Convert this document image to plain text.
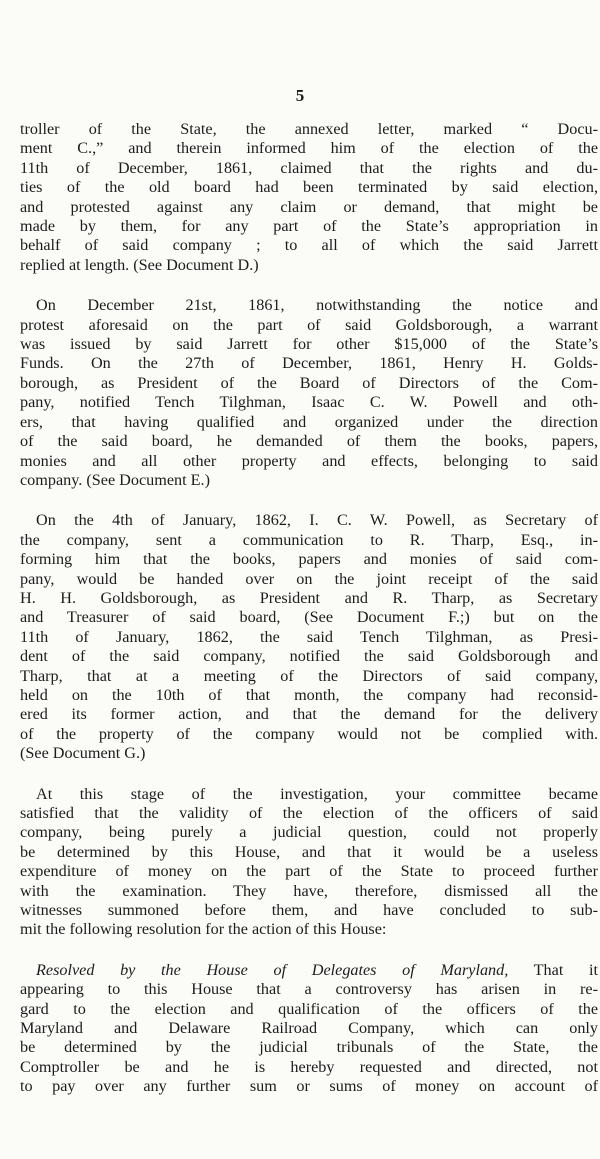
5
troller of the State, the annexed letter, marked “ Docu-
ment C.,” and therein informed him of the election of the
11th of December, 1861, claimed that the rights and du-
ties of the old board had been terminated by said election,
and protested against any claim or demand, that might be
made by them, for any part of the State’s appropriation in
behalf of said company ; to all of which the said Jarrett
replied at length. (See Document D.)
On December 21st, 1861, notwithstanding the notice and
protest aforesaid on the part of said Goldsborough, a warrant
was issued by said Jarrett for other $15,000 of the State’s
Funds. On the 27th of December, 1861, Henry H. Golds-
borough, as President of the Board of Directors of the Com-
pany, notified Tench Tilghman, Isaac C. W. Powell and oth-
ers, that having qualified and organized under the direction
of the said board, he demanded of them the books, papers,
monies and all other property and effects, belonging to said
company. (See Document E.)
On the 4th of January, 1862, I. C. W. Powell, as Secretary of
the company, sent a communication to R. Tharp, Esq., in-
forming him that the books, papers and monies of said com-
pany, would be handed over on the joint receipt of the said
H. H. Goldsborough, as President and R. Tharp, as Secretary
and Treasurer of said board, (See Document F.;) but on the
11th of January, 1862, the said Tench Tilghman, as Presi-
dent of the said company, notified the said Goldsborough and
Tharp, that at a meeting of the Directors of said company,
held on the 10th of that month, the company had reconsid-
ered its former action, and that the demand for the delivery
of the property of the company would not be complied with.
(See Document G.)
At this stage of the investigation, your committee became
satisfied that the validity of the election of the officers of said
company, being purely a judicial question, could not properly
be determined by this House, and that it would be a useless
expenditure of money on the part of the State to proceed further
with the examination. They have, therefore, dismissed all the
witnesses summoned before them, and have concluded to sub-
mit the following resolution for the action of this House:
Resolved by the House of Delegates of Maryland, That it
appearing to this House that a controversy has arisen in re-
gard to the election and qualification of the officers of the
Maryland and Delaware Railroad Company, which can only
be determined by the judicial tribunals of the State, the
Comptroller be and he is hereby requested and directed, not
to pay over any further sum or sums of money on account of
